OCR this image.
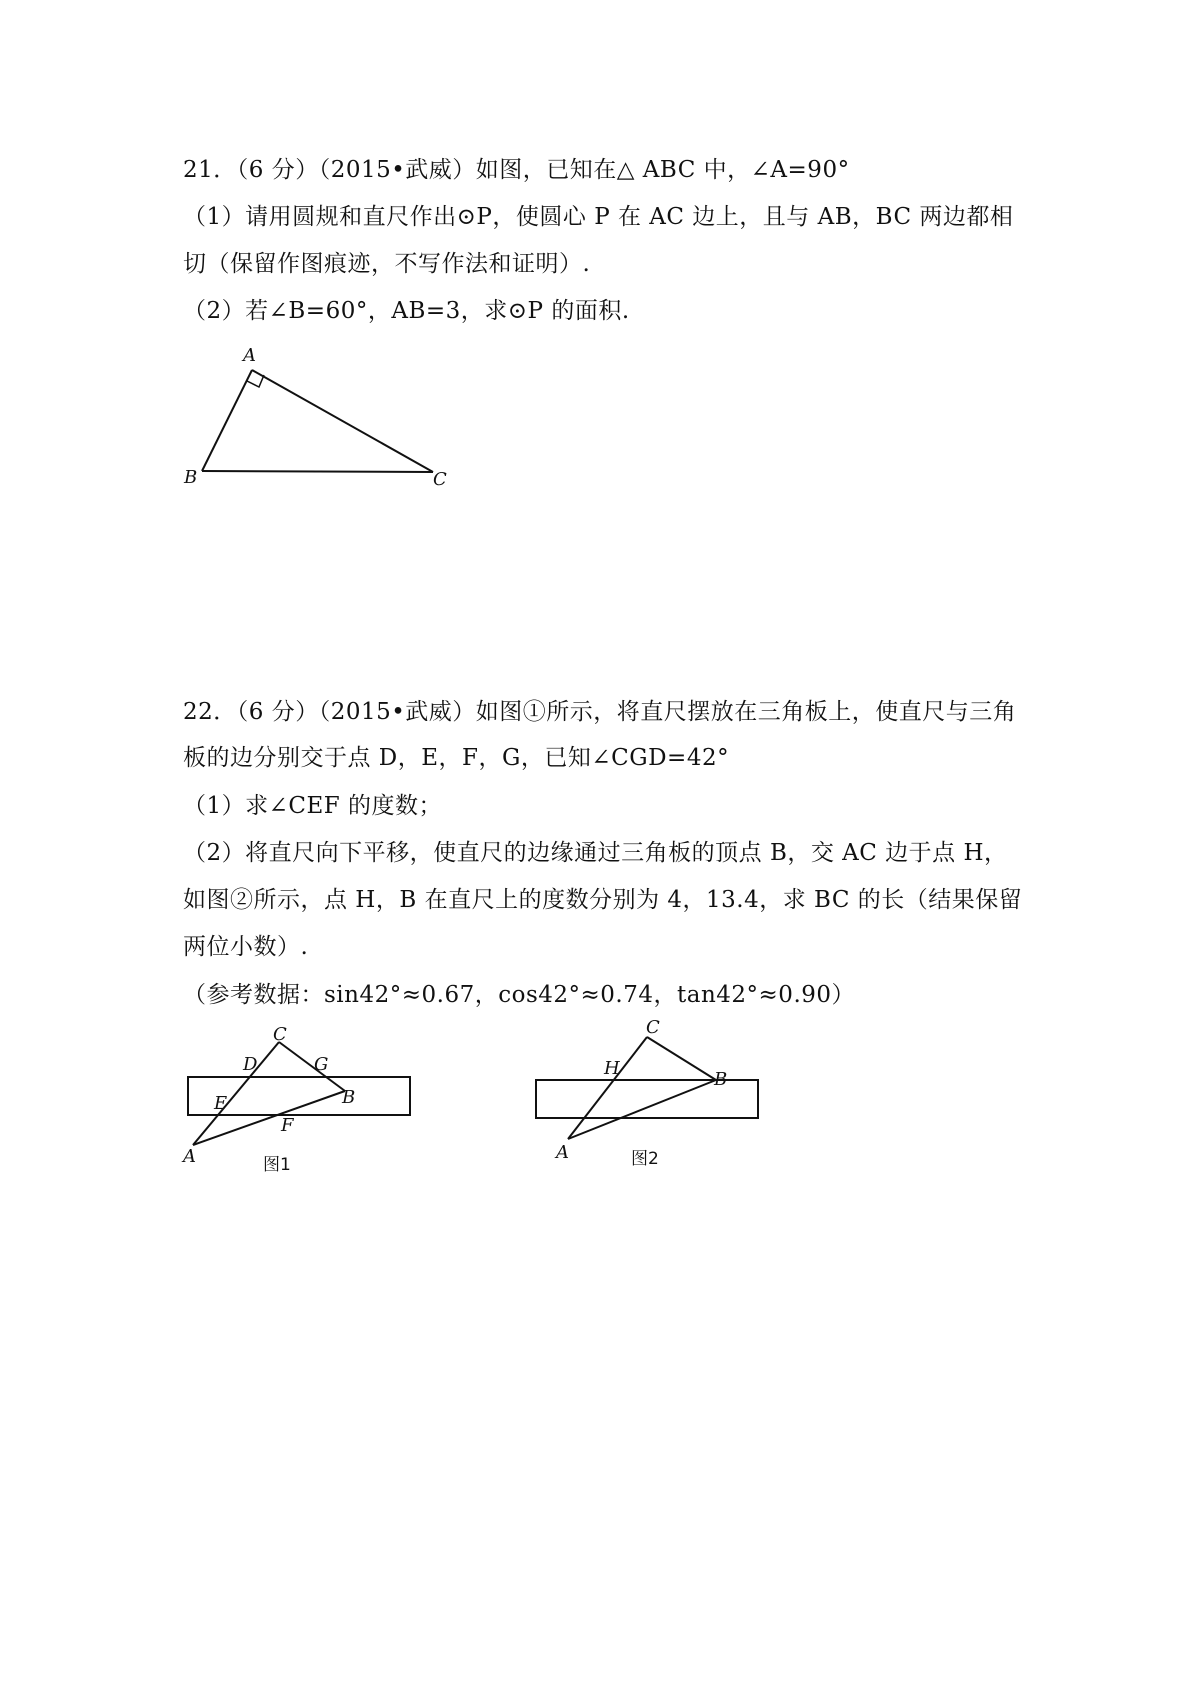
21．（6 分）（2015•武威）如图，已知在△ ABC 中，∠A=90°
（1）请用圆规和直尺作出⊙P，使圆心 P 在 AC 边上，且与 AB，BC 两边都相
切（保留作图痕迹，不写作法和证明）.
（2）若∠B=60°，AB=3，求⊙P 的面积.
A
B	C
22．（6 分）（2015•武威）如图①所示，将直尺摆放在三角板上，使直尺与三角
板的边分别交于点 D，E，F，G，已知∠CGD=42°
（1）求∠CEF 的度数；
（2）将直尺向下平移，使直尺的边缘通过三角板的顶点 B，交 AC 边于点 H，
如图②所示，点 H，B 在直尺上的度数分别为 4，13.4，求 BC 的长（结果保留
两位小数）.
（参考数据：sin42°≈0.67，cos42°≈0.74，tan42°≈0.90）
C
D	G
E	B
F
A	图1
C
H
B
A	图2
